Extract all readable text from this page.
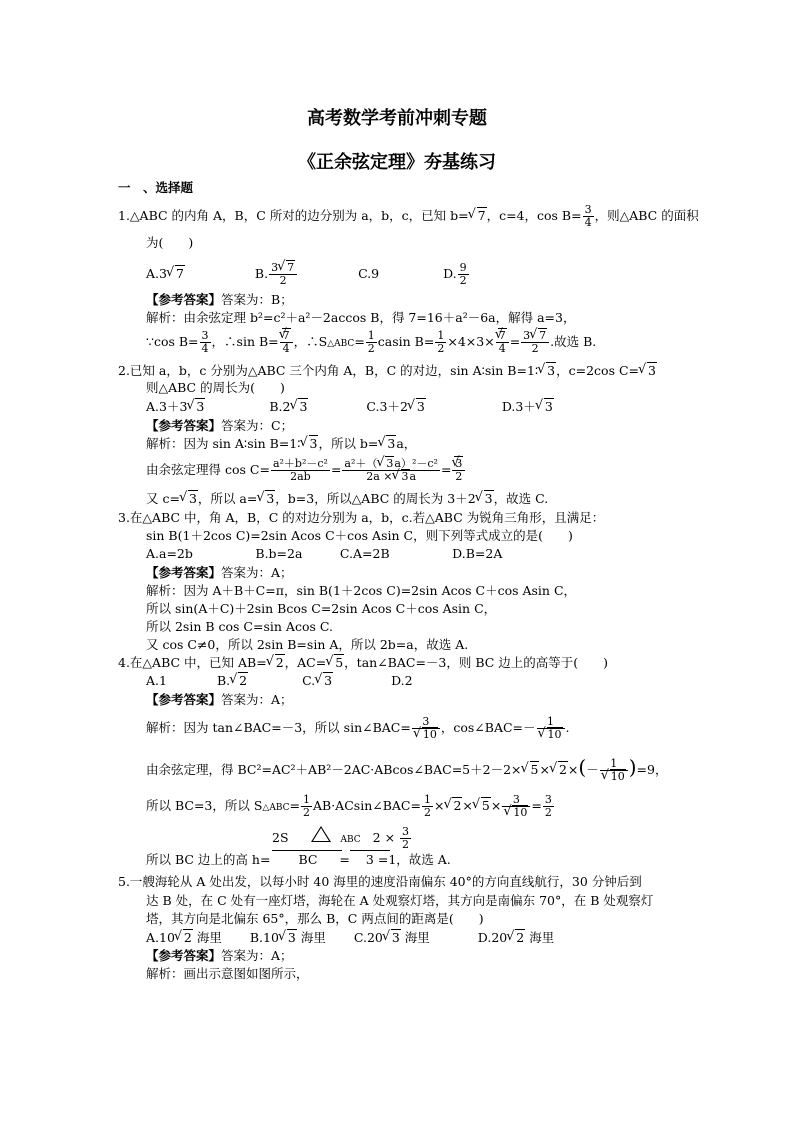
高考数学考前冲刺专题
《正余弦定理》夯基练习
一　、选择题
1.△ABC 的内角 A，B，C 所对的边分别为 a，b，c，已知 b= √ 7，c=4，$\cos B= \frac{3}{4}$ ，则△ABC 的面积
为(　　)
A.3 √ 7	B. $\frac{3 √ 7}{2}$	C.9	D. $\frac{9}{2}$
【参考答案】答案为：B；
解析：由余弦定理 b²=c²＋a²－2accos B，得 7=16＋a²－6a，解得 a=3，
∵cos $B= \frac{3}{4}$ ，∴sin B= √ $\frac{7}{4}$ ，∴S△ABC= $\frac{1}{2}$ casin $B= \frac{1}{2} \times 4\times 3\times$ √ $\frac{7}{4} = \frac{3 √ 7}{2}$ .故选 B.
2.已知 a，b，c 分别为△ABC 三个内角 A，B，C 的对边，sin A∶sin B=1∶ √ 3，c=2cos C= √ 3
则△ABC 的周长为(　　)
A.3＋3 √ 3	B.2 √ 3	C.3＋2 √ 3	D.3＋ √ 3
【参考答案】答案为：C；
解析：因为 sin A∶sin B=1∶ √ 3，所以 b= √ 3a，
由余弦定理得 $\cos C= \frac{\text{a²＋b²－c²}}{2ab} = \frac{\text{a²＋（ √ 3a）²－c²}}{2a \times √ 3a}$ = √ $\frac{3}{2}$
又 c= √ 3，所以 a= √ 3，b=3，所以△ABC 的周长为 3＋2 √ 3，故选 C.
3.在△ABC 中，角 A，B，C 的对边分别为 a，b，c.若△ABC 为锐角三角形，且满足：
sin B(1＋2cos C)=2sin Acos C＋cos Asin C，则下列等式成立的是(　　)
A.a=2b　　　　　B.b=2a　　　C.A=2B　　　　　D.B=2A
【参考答案】答案为：A；
解析：因为 A＋B＋C=π，sin B(1＋2cos C)=2sin Acos C＋cos Asin C，
所以 sin(A＋C)＋2sin Bcos C=2sin Acos C＋cos Asin C，
所以 2sin B cos C=sin Acos C.
又 cos C≠0，所以 2sin B=sin A，所以 2b=a，故选 A.
4.在△ABC 中，已知 AB= √ 2，AC= √ 5，tan∠BAC=－3，则 BC 边上的高等于(　　)
A.1	B. √ 2	C. √ 3	D.2
【参考答案】答案为：A；
解析：因为 tan∠BAC=－3，所以 sin∠BAC= 3
√ 10 ，cos∠BAC=－ 1
√ 10 .
由余弦定理，得 BC²=AC²＋AB²－2AC·ABcos∠BAC=5＋2－2× √ 5× √ 2×(－ 1
√ 10 )=9，
所以 BC=3，所以 S△ABC= $\frac{1}{2}$ AB·ACsin∠BAC= $\frac{1}{2}$ × √ 2× √ 5× 3
√ $10 = \frac{3}{2}$
2S	ABC $2 \times \frac{3}{2}$
所以 BC 边上的高 h= BC = 3 =1，故选 A.
5.一艘海轮从 A 处出发，以每小时 40 海里的速度沿南偏东 40°的方向直线航行，30 分钟后到
达 B 处，在 C 处有一座灯塔，海轮在 A 处观察灯塔，其方向是南偏东 70°，在 B 处观察灯
塔，其方向是北偏东 65°，那么 B，C 两点间的距离是(　　)
A.10 √ 2 海里 B.10 √ 3 海里 C.20 √ 3 海里	D.20 √ 2 海里
【参考答案】答案为：A；
解析：画出示意图如图所示，
